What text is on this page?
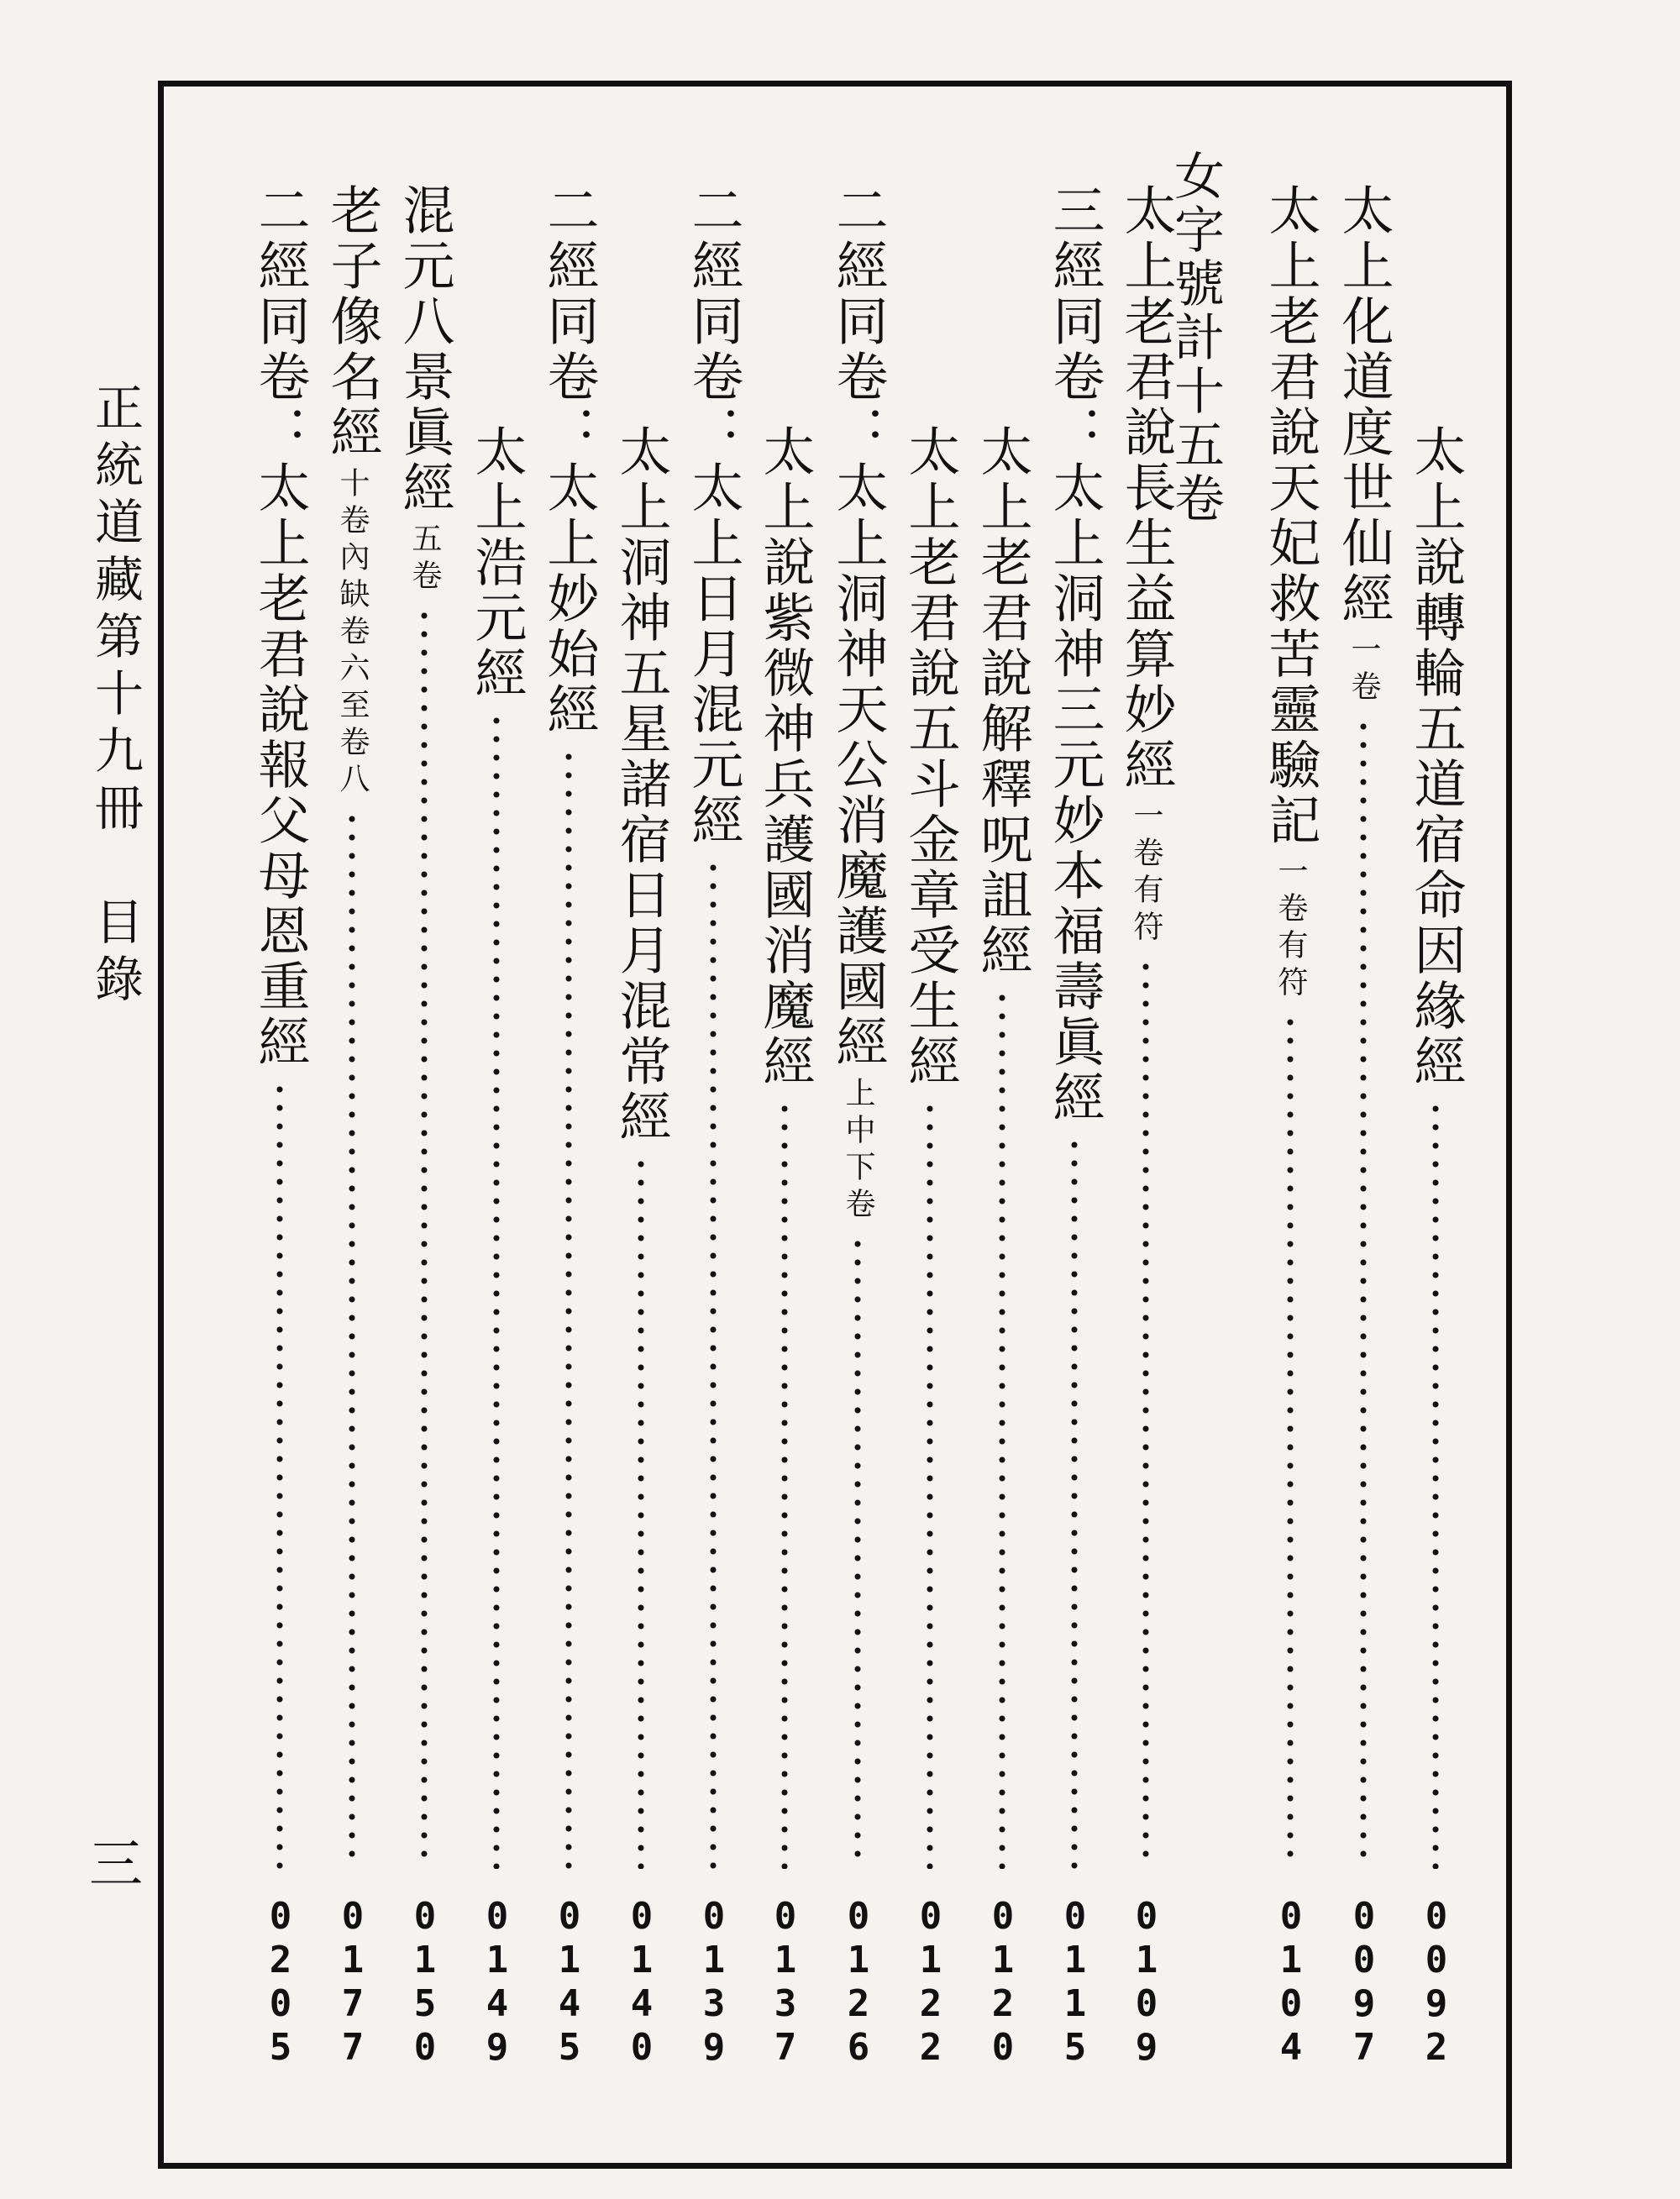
正統道藏第十九冊　目錄
三
女字號計十五卷
太上說轉輪五道宿命因緣經
0
0
9
2
太上化道度世仙經
一卷
0
0
9
7
太上老君說天妃救苦靈驗記
一卷有符
0
1
0
4
太上老君說長生益算妙經
一卷有符
0
1
0
9
三經同卷：太上洞神三元妙本福壽眞經
0
1
1
5
太上老君說解釋呪詛經
0
1
2
0
太上老君說五斗金章受生經
0
1
2
2
二經同卷：太上洞神天公消魔護國經
上中下卷
0
1
2
6
太上說紫微神兵護國消魔經
0
1
3
7
二經同卷：太上日月混元經
0
1
3
9
太上洞神五星諸宿日月混常經
0
1
4
0
二經同卷：太上妙始經
0
1
4
5
太上浩元經
0
1
4
9
混元八景眞經
五卷
0
1
5
0
老子像名經
十卷內缺卷六至卷八
0
1
7
7
二經同卷：太上老君說報父母恩重經
0
2
0
5
